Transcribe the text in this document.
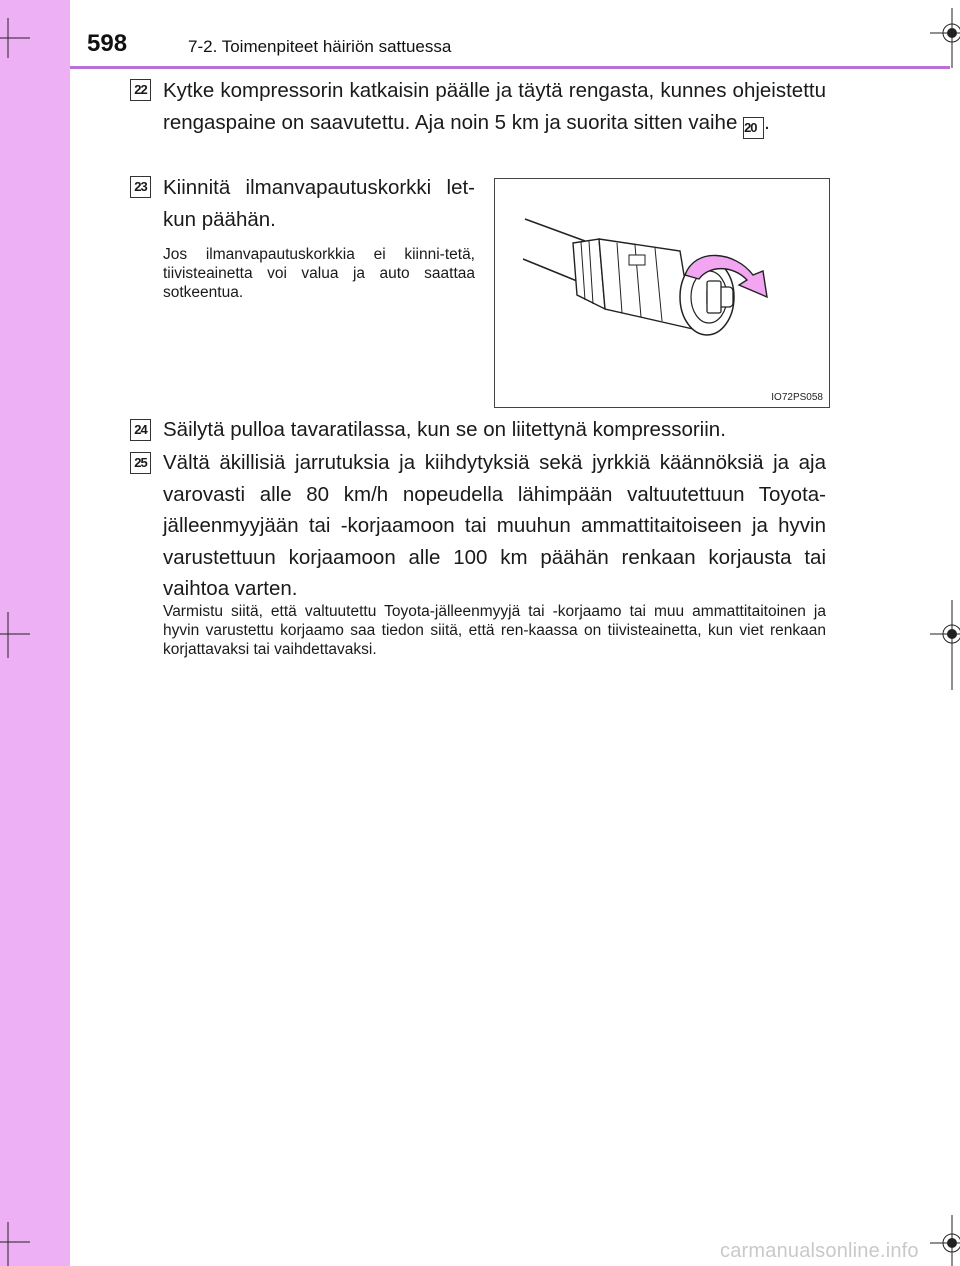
598	7-2. Toimenpiteet häiriön sattuessa
22 Kytke kompressorin katkaisin päälle ja täytä rengasta, kunnes ohjeistettu rengaspaine on saavutettu. Aja noin 5 km ja suorita sitten vaihe 20 .
23 Kiinnitä ilmanvapautuskorkki let-kun päähän.
Jos ilmanvapautuskorkkia ei kiinni-tetä, tiivisteainetta voi valua ja auto saattaa sotkeentua.
IO72PS058
24 Säilytä pulloa tavaratilassa, kun se on liitettynä kompressoriin.
25 Vältä äkillisiä jarrutuksia ja kiihdytyksiä sekä jyrkkiä käännöksiä ja aja varovasti alle 80 km/h nopeudella lähimpään valtuutettuun Toyota-jälleenmyyjään tai -korjaamoon tai muuhun ammattitaitoiseen ja hyvin varustettuun korjaamoon alle 100 km päähän renkaan korjausta tai vaihtoa varten.
Varmistu siitä, että valtuutettu Toyota-jälleenmyyjä tai -korjaamo tai muu ammattitaitoinen ja hyvin varustettu korjaamo saa tiedon siitä, että ren-kaassa on tiivisteainetta, kun viet renkaan korjattavaksi tai vaihdettavaksi.
carmanualsonline.info
